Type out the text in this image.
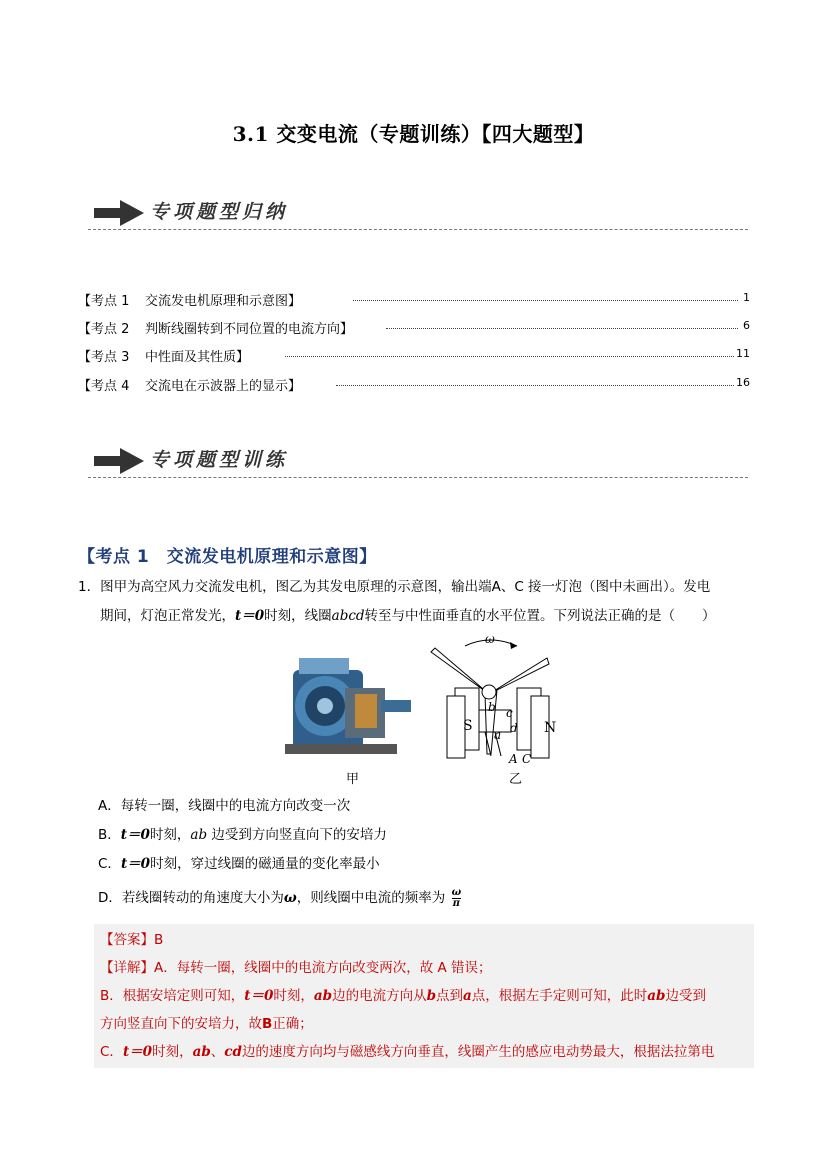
3.1 交变电流（专题训练）【四大题型】
专项题型归纳
【考点 1 交流发电机原理和示意图】	1
【考点 2 判断线圈转到不同位置的电流方向】	6
【考点 3 中性面及其性质】	11
【考点 4 交流电在示波器上的显示】	16
专项题型训练
【考点 1　交流发电机原理和示意图】
1．图甲为高空风力交流发电机，图乙为其发电原理的示意图，输出端A、C 接一灯泡（图中未画出）。发电
期间，灯泡正常发光，t＝0时刻，线圈abcd转至与中性面垂直的水平位置。下列说法正确的是（　　）
ω
S	N
b c
a d
A C
甲	乙
A．每转一圈，线圈中的电流方向改变一次
B．t＝0时刻，ab 边受到方向竖直向下的安培力
C．t＝0时刻，穿过线圈的磁通量的变化率最小
D．若线圈转动的角速度大小为ω，则线圈中电流的频率为 $\frac{\omega}{\pi}$
【答案】B
【详解】A．每转一圈，线圈中的电流方向改变两次，故 A 错误；
B．根据安培定则可知，t＝0时刻，ab边的电流方向从b点到a点，根据左手定则可知，此时ab边受到
方向竖直向下的安培力，故B正确；
C．t＝0时刻，ab、cd边的速度方向均与磁感线方向垂直，线圈产生的感应电动势最大，根据法拉第电
